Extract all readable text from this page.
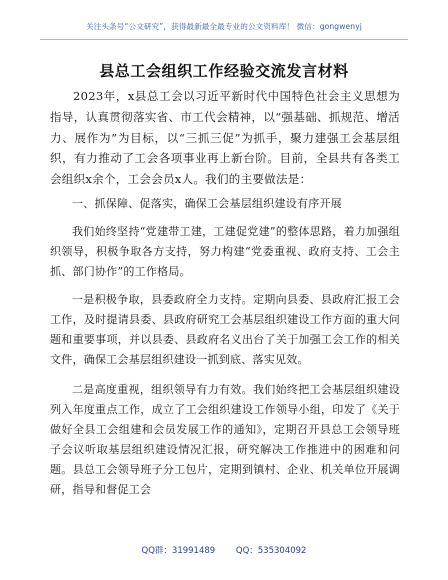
关注头条号“公文研究”，获得最新最全最专业的公文资料库！ 微信：gongwenyj
县总工会组织工作经验交流发言材料

2023年，x县总工会以习近平新时代中国特色社会主义思想为指导，认真贯彻落实省、市工代会精神，以“强基础、抓规范、增活力、展作为”为目标，以“三抓三促”为抓手，聚力建强工会基层组织，有力推动了工会各项事业再上新台阶。目前，全县共有各类工会组织x余个，工会会员x人。我们的主要做法是：

一、抓保障、促落实，确保工会基层组织建设有序开展

我们始终坚持“党建带工建，工建促党建”的整体思路，着力加强组织领导，积极争取各方支持，努力构建“党委重视、政府支持、工会主抓、部门协作”的工作格局。

一是积极争取，县委政府全力支持。定期向县委、县政府汇报工会工作，及时提请县委、县政府研究工会基层组织建设工作方面的重大问题和重要事项，并以县委、县政府名义出台了关于加强工会工作的相关文件，确保工会基层组织建设一抓到底、落实见效。

二是高度重视，组织领导有力有效。我们始终把工会基层组织建设列入年度重点工作，成立了工会组织建设工作领导小组，印发了《关于做好全县工会组建和会员发展工作的通知》，定期召开县总工会领导班子会议听取基层组织建设情况汇报，研究解决工作推进中的困难和问题。县总工会领导班子分工包片，定期到镇村、企业、机关单位开展调研，指导和督促工会

QQ群：31991489 QQ：535304092
